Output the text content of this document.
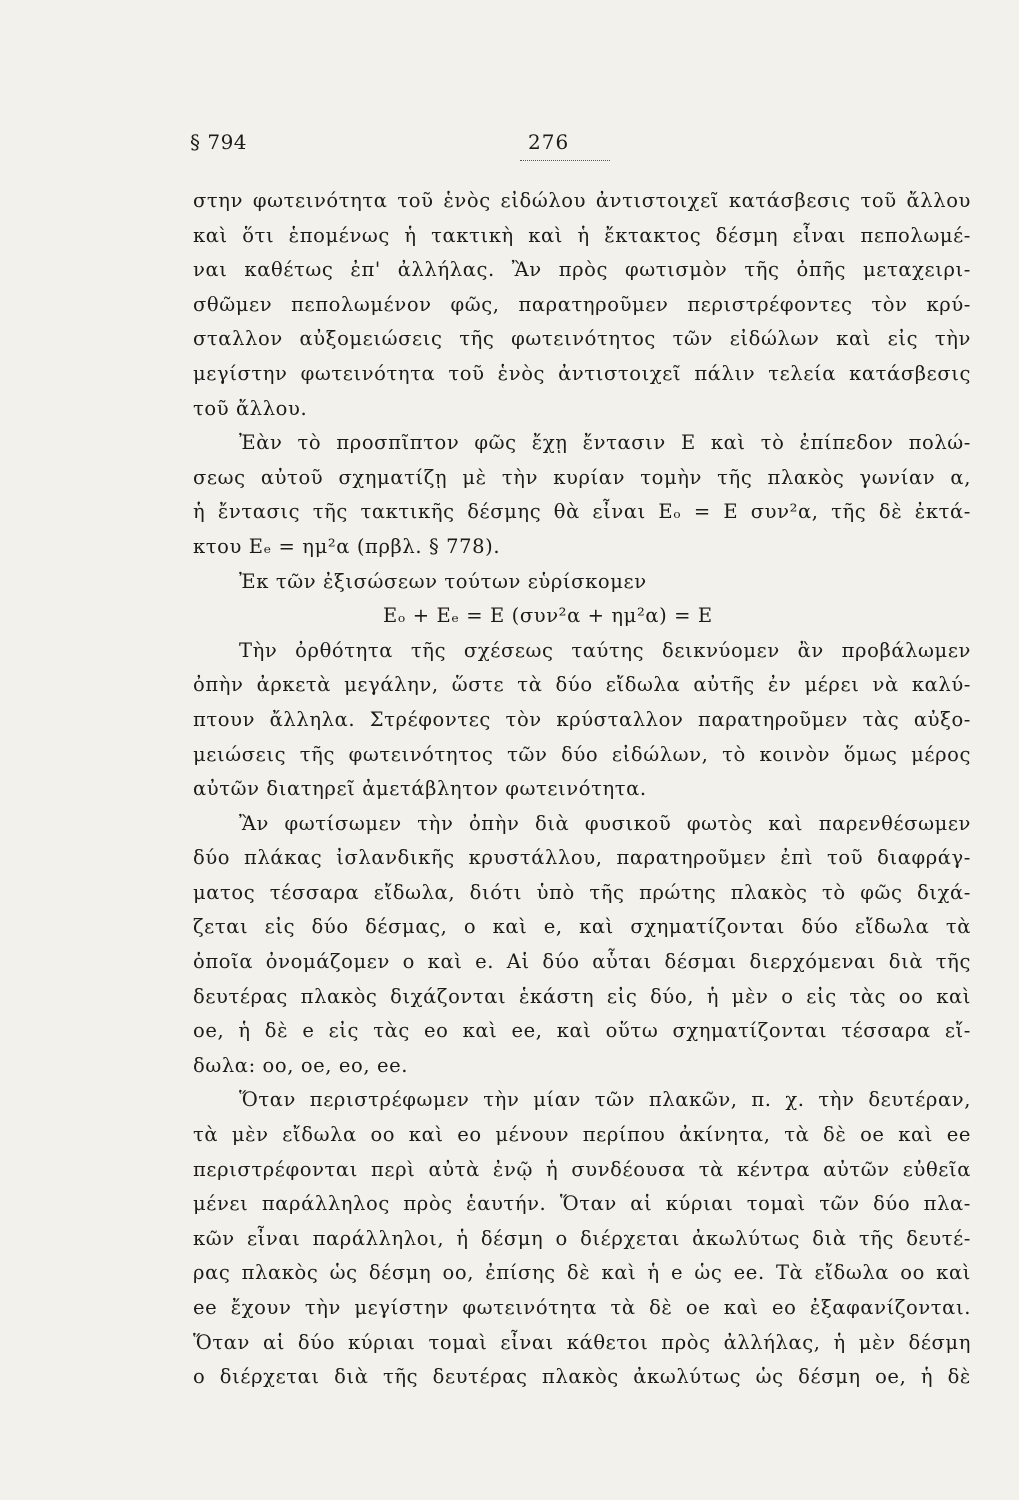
§ 794	276
στην φωτεινότητα τοῦ ἑνὸς εἰδώλου ἀντιστοιχεῖ κατάσβεσις τοῦ ἄλλου
καὶ ὅτι ἑπομένως ἡ τακτικὴ καὶ ἡ ἔκτακτος δέσμη εἶναι πεπολωμέ-
ναι καθέτως ἐπ' ἀλλήλας. Ἂν πρὸς φωτισμὸν τῆς ὀπῆς μεταχειρι-
σθῶμεν πεπολωμένον φῶς, παρατηροῦμεν περιστρέφοντες τὸν κρύ-
σταλλον αὐξομειώσεις τῆς φωτεινότητος τῶν εἰδώλων καὶ εἰς τὴν
μεγίστην φωτεινότητα τοῦ ἑνὸς ἀντιστοιχεῖ πάλιν τελεία κατάσβεσις
τοῦ ἄλλου.
Ἐὰν τὸ προσπῖπτον φῶς ἔχῃ ἔντασιν Ε καὶ τὸ ἐπίπεδον πολώ-
σεως αὐτοῦ σχηματίζῃ μὲ τὴν κυρίαν τομὴν τῆς πλακὸς γωνίαν α,
ἡ ἔντασις τῆς τακτικῆς δέσμης θὰ εἶναι Eₒ = Ε συν²α, τῆς δὲ ἐκτά-
κτου Eₑ = ημ²α (πρβλ. § 778).
Ἐκ τῶν ἐξισώσεων τούτων εὑρίσκομεν
Eₒ + Eₑ = Ε (συν²α + ημ²α) = Ε
Τὴν ὀρθότητα τῆς σχέσεως ταύτης δεικνύομεν ἂν προβάλωμεν
ὀπὴν ἀρκετὰ μεγάλην, ὥστε τὰ δύο εἴδωλα αὐτῆς ἐν μέρει νὰ καλύ-
πτουν ἄλληλα. Στρέφοντες τὸν κρύσταλλον παρατηροῦμεν τὰς αὐξο-
μειώσεις τῆς φωτεινότητος τῶν δύο εἰδώλων, τὸ κοινὸν ὅμως μέρος
αὐτῶν διατηρεῖ ἀμετάβλητον φωτεινότητα.
Ἂν φωτίσωμεν τὴν ὀπὴν διὰ φυσικοῦ φωτὸς καὶ παρενθέσωμεν
δύο πλάκας ἰσλανδικῆς κρυστάλλου, παρατηροῦμεν ἐπὶ τοῦ διαφράγ-
ματος τέσσαρα εἴδωλα, διότι ὑπὸ τῆς πρώτης πλακὸς τὸ φῶς διχά-
ζεται εἰς δύο δέσμας, o καὶ e, καὶ σχηματίζονται δύο εἴδωλα τὰ
ὁποῖα ὀνομάζομεν o καὶ e. Αἱ δύο αὗται δέσμαι διερχόμεναι διὰ τῆς
δευτέρας πλακὸς διχάζονται ἑκάστη εἰς δύο, ἡ μὲν o εἰς τὰς oo καὶ
oe, ἡ δὲ e εἰς τὰς eo καὶ ee, καὶ οὕτω σχηματίζονται τέσσαρα εἴ-
δωλα: oo, oe, eo, ee.
Ὅταν περιστρέφωμεν τὴν μίαν τῶν πλακῶν, π. χ. τὴν δευτέραν,
τὰ μὲν εἴδωλα oo καὶ eo μένουν περίπου ἀκίνητα, τὰ δὲ oe καὶ ee
περιστρέφονται περὶ αὐτὰ ἐνῷ ἡ συνδέουσα τὰ κέντρα αὐτῶν εὐθεῖα
μένει παράλληλος πρὸς ἑαυτήν. Ὅταν αἱ κύριαι τομαὶ τῶν δύο πλα-
κῶν εἶναι παράλληλοι, ἡ δέσμη o διέρχεται ἀκωλύτως διὰ τῆς δευτέ-
ρας πλακὸς ὡς δέσμη oo, ἐπίσης δὲ καὶ ἡ e ὡς ee. Τὰ εἴδωλα oo καὶ
ee ἔχουν τὴν μεγίστην φωτεινότητα τὰ δὲ oe καὶ eo ἐξαφανίζονται.
Ὅταν αἱ δύο κύριαι τομαὶ εἶναι κάθετοι πρὸς ἀλλήλας, ἡ μὲν δέσμη
o διέρχεται διὰ τῆς δευτέρας πλακὸς ἀκωλύτως ὡς δέσμη oe, ἡ δὲ
